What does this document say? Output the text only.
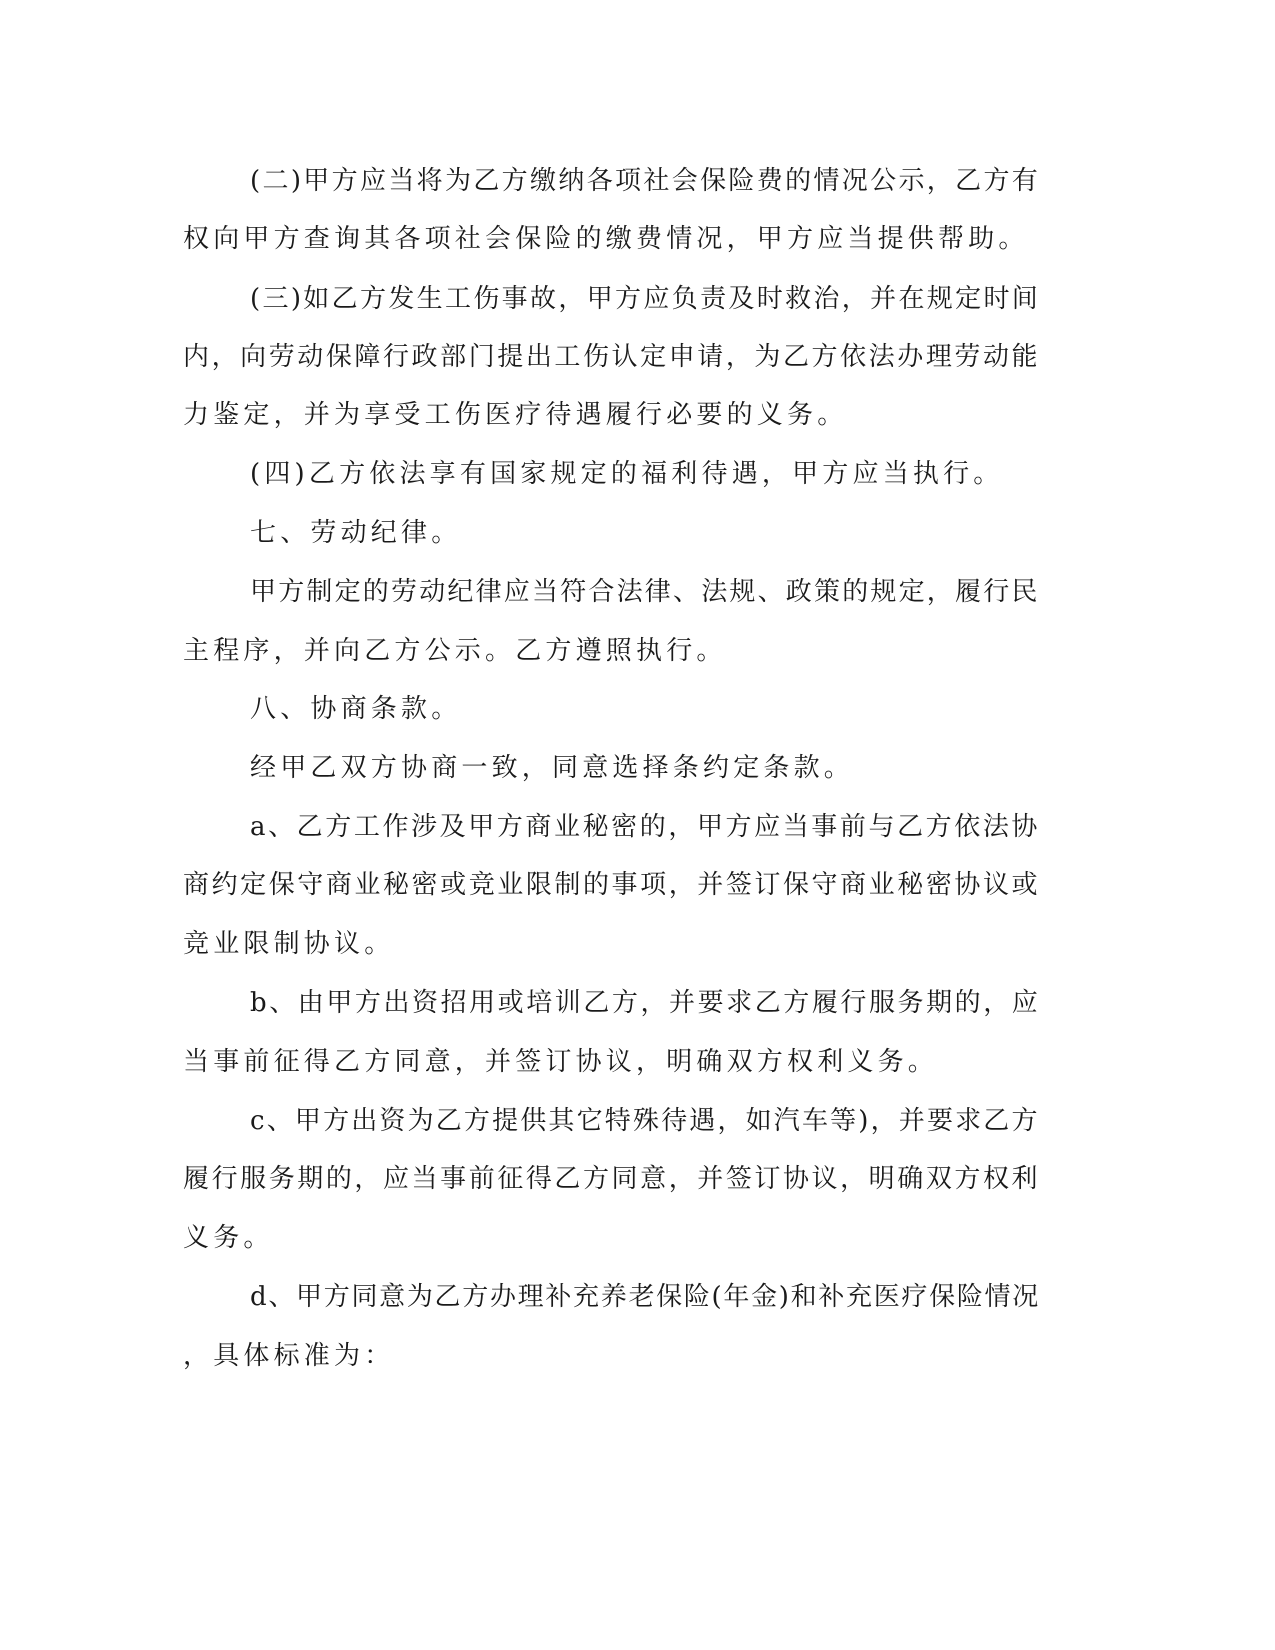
(二)甲方应当将为乙方缴纳各项社会保险费的情况公示，乙方有

权向甲方查询其各项社会保险的缴费情况，甲方应当提供帮助。

(三)如乙方发生工伤事故，甲方应负责及时救治，并在规定时间

内，向劳动保障行政部门提出工伤认定申请，为乙方依法办理劳动能

力鉴定，并为享受工伤医疗待遇履行必要的义务。

(四)乙方依法享有国家规定的福利待遇，甲方应当执行。

七、劳动纪律。

甲方制定的劳动纪律应当符合法律、法规、政策的规定，履行民

主程序，并向乙方公示。乙方遵照执行。

八、协商条款。

经甲乙双方协商一致，同意选择条约定条款。

a、乙方工作涉及甲方商业秘密的，甲方应当事前与乙方依法协

商约定保守商业秘密或竞业限制的事项，并签订保守商业秘密协议或

竞业限制协议。

b、由甲方出资招用或培训乙方，并要求乙方履行服务期的，应

当事前征得乙方同意，并签订协议，明确双方权利义务。

c、甲方出资为乙方提供其它特殊待遇，如汽车等)，并要求乙方

履行服务期的，应当事前征得乙方同意，并签订协议，明确双方权利

义务。

d、甲方同意为乙方办理补充养老保险(年金)和补充医疗保险情况

，具体标准为：
